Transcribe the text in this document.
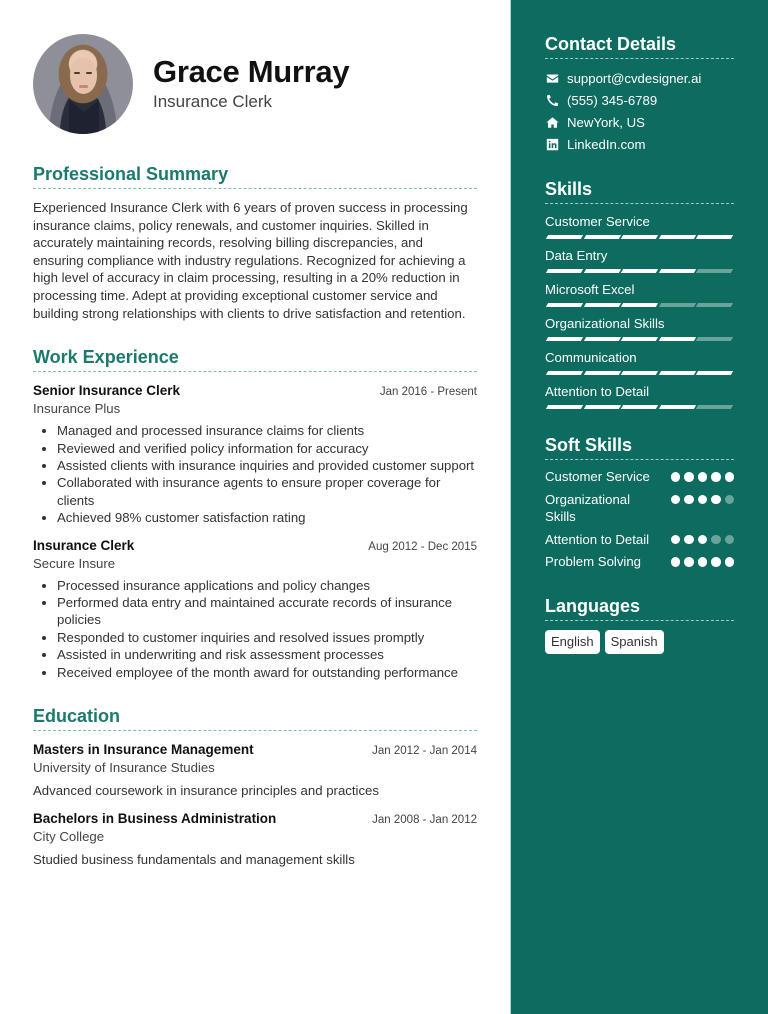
Grace Murray
Insurance Clerk
Professional Summary

Experienced Insurance Clerk with 6 years of proven success in processing insurance claims, policy renewals, and customer inquiries. Skilled in accurately maintaining records, resolving billing discrepancies, and ensuring compliance with industry regulations. Recognized for achieving a high level of accuracy in claim processing, resulting in a 20% reduction in processing time. Adept at providing exceptional customer service and building strong relationships with clients to drive satisfaction and retention.

Work Experience
Senior Insurance Clerk	Jan 2016 - Present
Insurance Plus
• Managed and processed insurance claims for clients
• Reviewed and verified policy information for accuracy
• Assisted clients with insurance inquiries and provided customer support
• Collaborated with insurance agents to ensure proper coverage for clients
• Achieved 98% customer satisfaction rating
Insurance Clerk	Aug 2012 - Dec 2015
Secure Insure
• Processed insurance applications and policy changes
• Performed data entry and maintained accurate records of insurance policies
• Responded to customer inquiries and resolved issues promptly
• Assisted in underwriting and risk assessment processes
• Received employee of the month award for outstanding performance
Education
Masters in Insurance Management	Jan 2012 - Jan 2014
University of Insurance Studies
Advanced coursework in insurance principles and practices
Bachelors in Business Administration	Jan 2008 - Jan 2012
City College
Studied business fundamentals and management skills
Contact Details
support@cvdesigner.ai
(555) 345-6789
NewYork, US
LinkedIn.com
Skills
Customer Service
Data Entry
Microsoft Excel
Organizational Skills
Communication
Attention to Detail
Soft Skills
Customer Service
Organizational Skills
Attention to Detail
Problem Solving
Languages
English	Spanish
